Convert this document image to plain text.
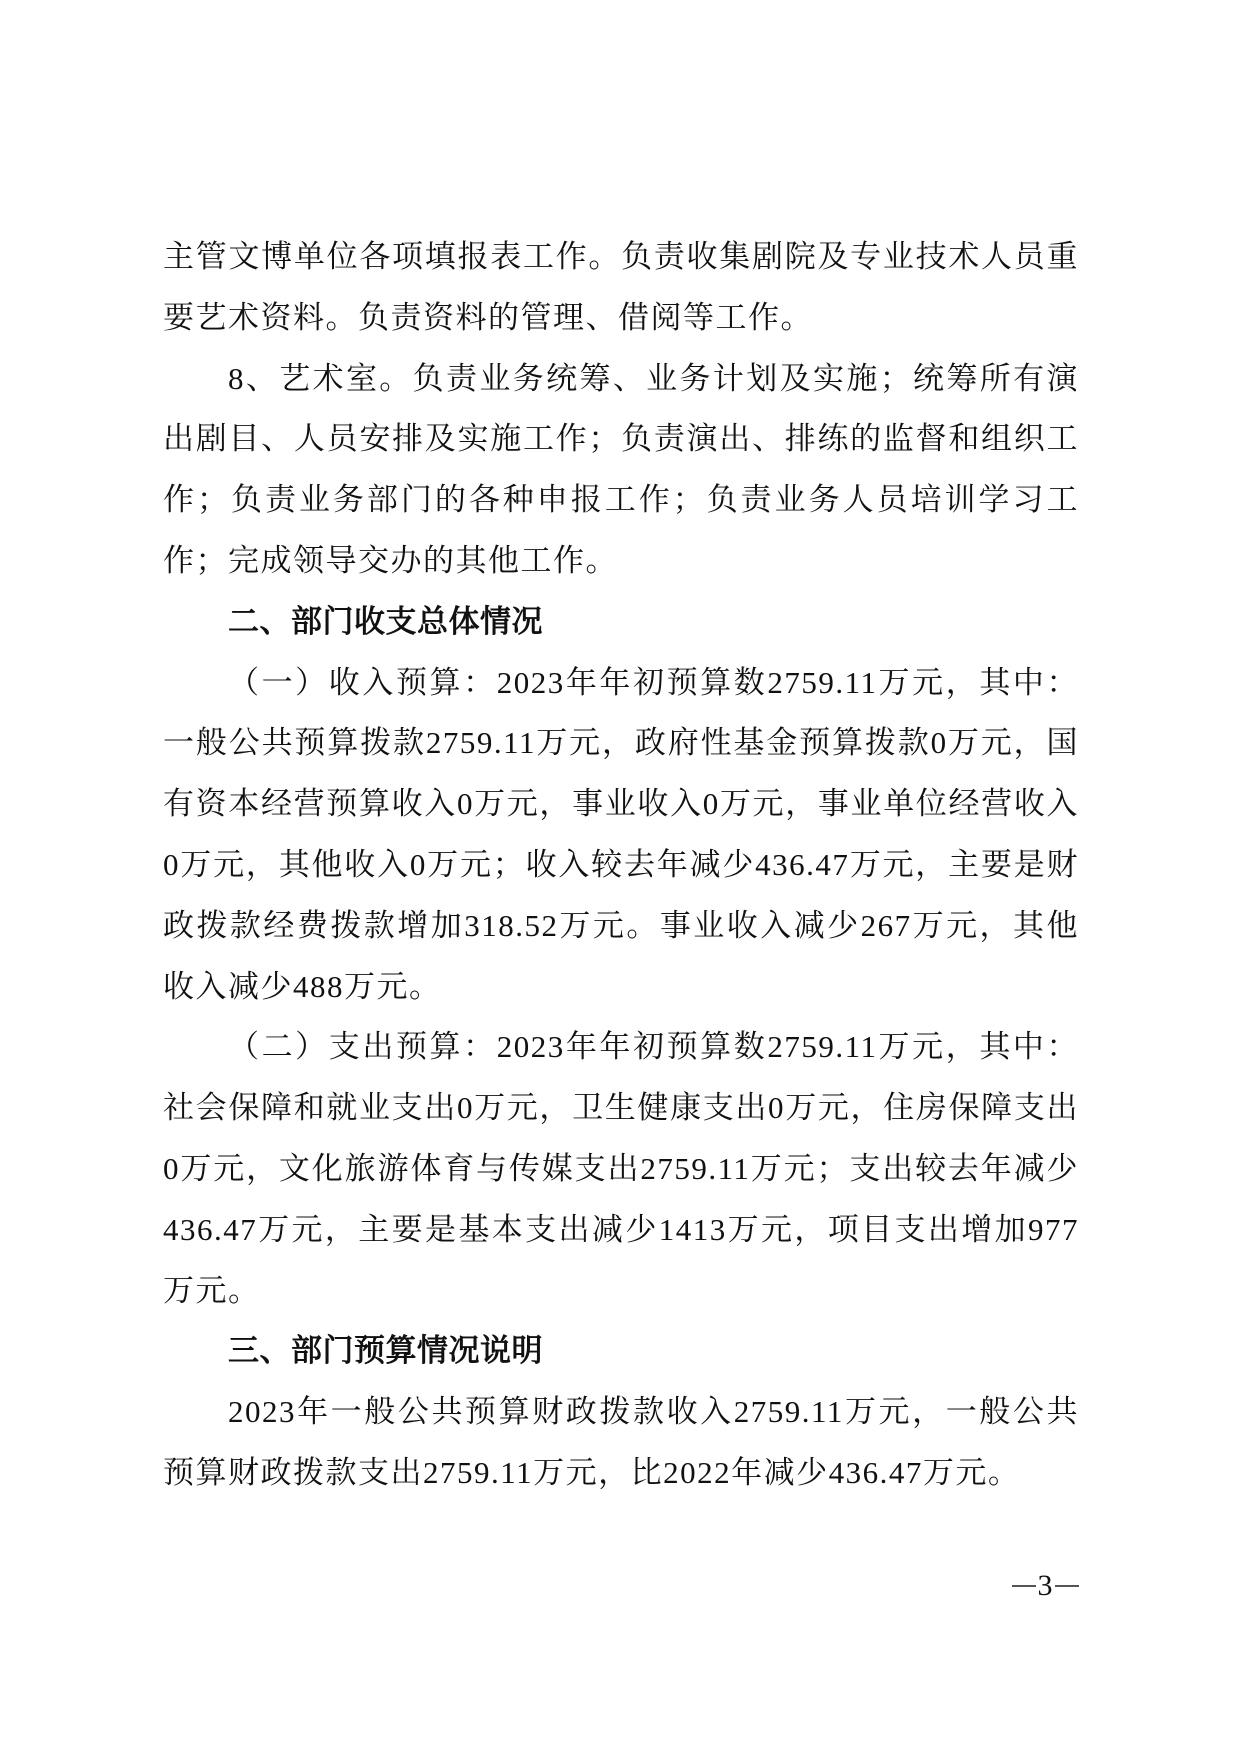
主管文博单位各项填报表工作。负责收集剧院及专业技术人员重要艺术资料。负责资料的管理、借阅等工作。

8、艺术室。负责业务统筹、业务计划及实施；统筹所有演出剧目、人员安排及实施工作；负责演出、排练的监督和组织工作；负责业务部门的各种申报工作；负责业务人员培训学习工作；完成领导交办的其他工作。

二、部门收支总体情况

（一）收入预算：2023年年初预算数2759.11万元，其中：一般公共预算拨款2759.11万元，政府性基金预算拨款0万元，国有资本经营预算收入0万元，事业收入0万元，事业单位经营收入0万元，其他收入0万元；收入较去年减少436.47万元，主要是财政拨款经费拨款增加318.52万元。事业收入减少267万元，其他收入减少488万元。

（二）支出预算：2023年年初预算数2759.11万元，其中：社会保障和就业支出0万元，卫生健康支出0万元，住房保障支出0万元，文化旅游体育与传媒支出2759.11万元；支出较去年减少436.47万元，主要是基本支出减少1413万元，项目支出增加977万元。

三、部门预算情况说明

2023年一般公共预算财政拨款收入2759.11万元，一般公共预算财政拨款支出2759.11万元，比2022年减少436.47万元。

3
